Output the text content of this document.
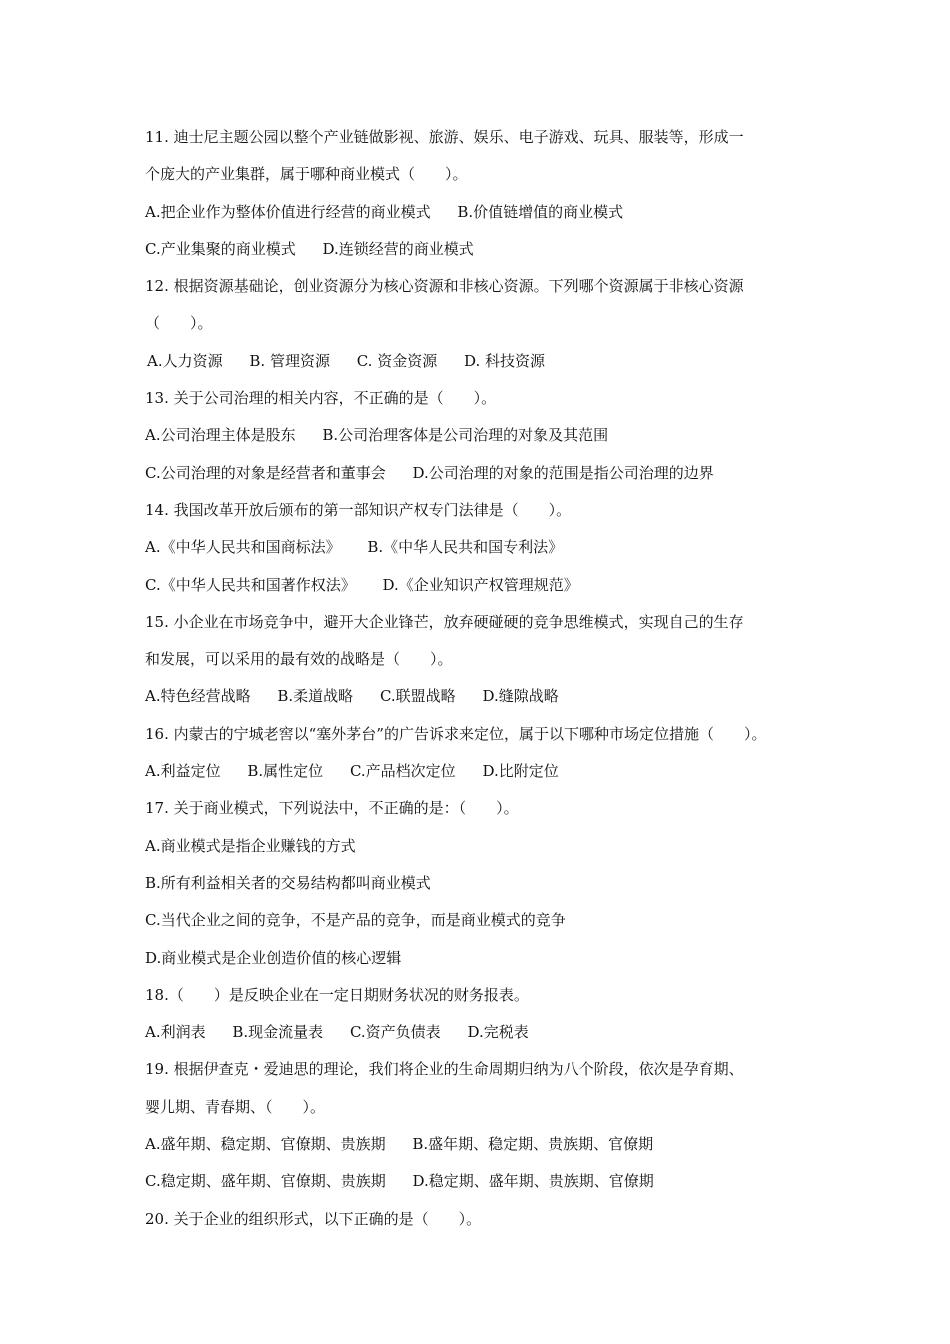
11. 迪士尼主题公园以整个产业链做影视、旅游、娱乐、电子游戏、玩具、服装等，形成一
个庞大的产业集群，属于哪种商业模式（　　）。
A.把企业作为整体价值进行经营的商业模式 B.价值链增值的商业模式
C.产业集聚的商业模式 D.连锁经营的商业模式
12. 根据资源基础论，创业资源分为核心资源和非核心资源。下列哪个资源属于非核心资源
（　　）。
A.人力资源 B. 管理资源 C. 资金资源 D. 科技资源
13. 关于公司治理的相关内容，不正确的是（　　）。
A.公司治理主体是股东 B.公司治理客体是公司治理的对象及其范围
C.公司治理的对象是经营者和董事会 D.公司治理的对象的范围是指公司治理的边界
14. 我国改革开放后颁布的第一部知识产权专门法律是（　　）。
A.《中华人民共和国商标法》 B.《中华人民共和国专利法》
C.《中华人民共和国著作权法》 D.《企业知识产权管理规范》
15. 小企业在市场竞争中，避开大企业锋芒，放弃硬碰硬的竞争思维模式，实现自己的生存
和发展，可以采用的最有效的战略是（　　）。
A.特色经营战略 B.柔道战略 C.联盟战略 D.缝隙战略
16. 内蒙古的宁城老窖以“塞外茅台”的广告诉求来定位，属于以下哪种市场定位措施（　　）。
A.利益定位 B.属性定位 C.产品档次定位 D.比附定位
17. 关于商业模式，下列说法中，不正确的是：（　　）。
A.商业模式是指企业赚钱的方式
B.所有利益相关者的交易结构都叫商业模式
C.当代企业之间的竞争，不是产品的竞争，而是商业模式的竞争
D.商业模式是企业创造价值的核心逻辑
18.（　　）是反映企业在一定日期财务状况的财务报表。
A.利润表 B.现金流量表 C.资产负债表 D.完税表
19. 根据伊查克・爱迪思的理论，我们将企业的生命周期归纳为八个阶段，依次是孕育期、
婴儿期、青春期、（　　）。
A.盛年期、稳定期、官僚期、贵族期 B.盛年期、稳定期、贵族期、官僚期
C.稳定期、盛年期、官僚期、贵族期 D.稳定期、盛年期、贵族期、官僚期
20. 关于企业的组织形式，以下正确的是（　　）。
